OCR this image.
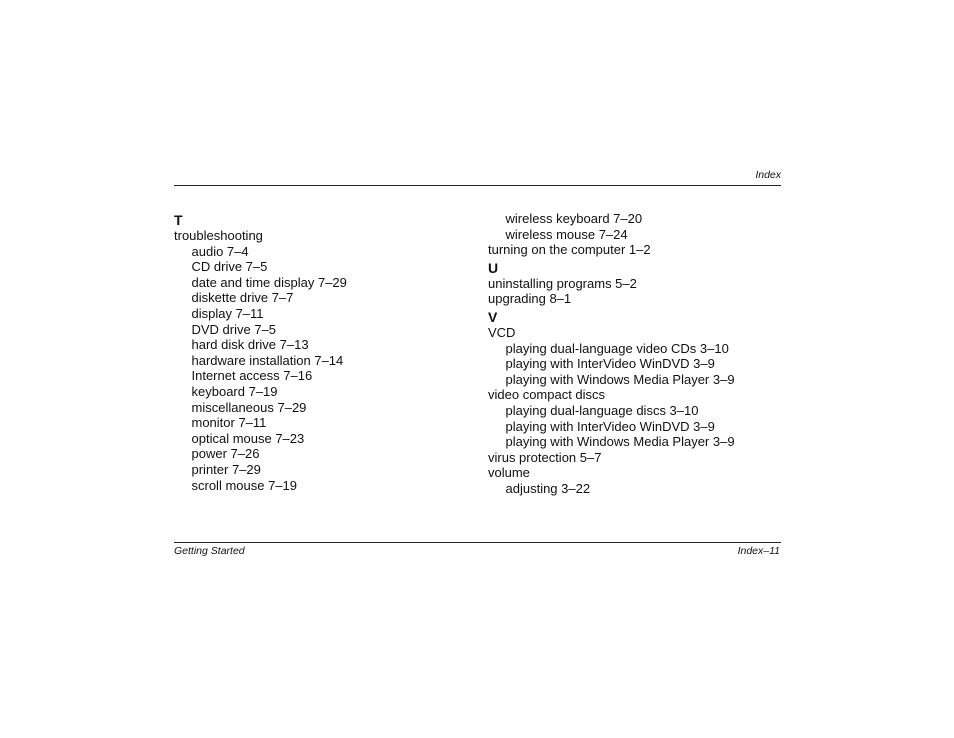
Index
T
troubleshooting
audio 7–4
CD drive 7–5
date and time display 7–29
diskette drive 7–7
display 7–11
DVD drive 7–5
hard disk drive 7–13
hardware installation 7–14
Internet access 7–16
keyboard 7–19
miscellaneous 7–29
monitor 7–11
optical mouse 7–23
power 7–26
printer 7–29
scroll mouse 7–19
wireless keyboard 7–20
wireless mouse 7–24
turning on the computer 1–2
U
uninstalling programs 5–2
upgrading 8–1
V
VCD
playing dual-language video CDs 3–10
playing with InterVideo WinDVD 3–9
playing with Windows Media Player 3–9
video compact discs
playing dual-language discs 3–10
playing with InterVideo WinDVD 3–9
playing with Windows Media Player 3–9
virus protection 5–7
volume
adjusting 3–22
Getting Started	Index–11
